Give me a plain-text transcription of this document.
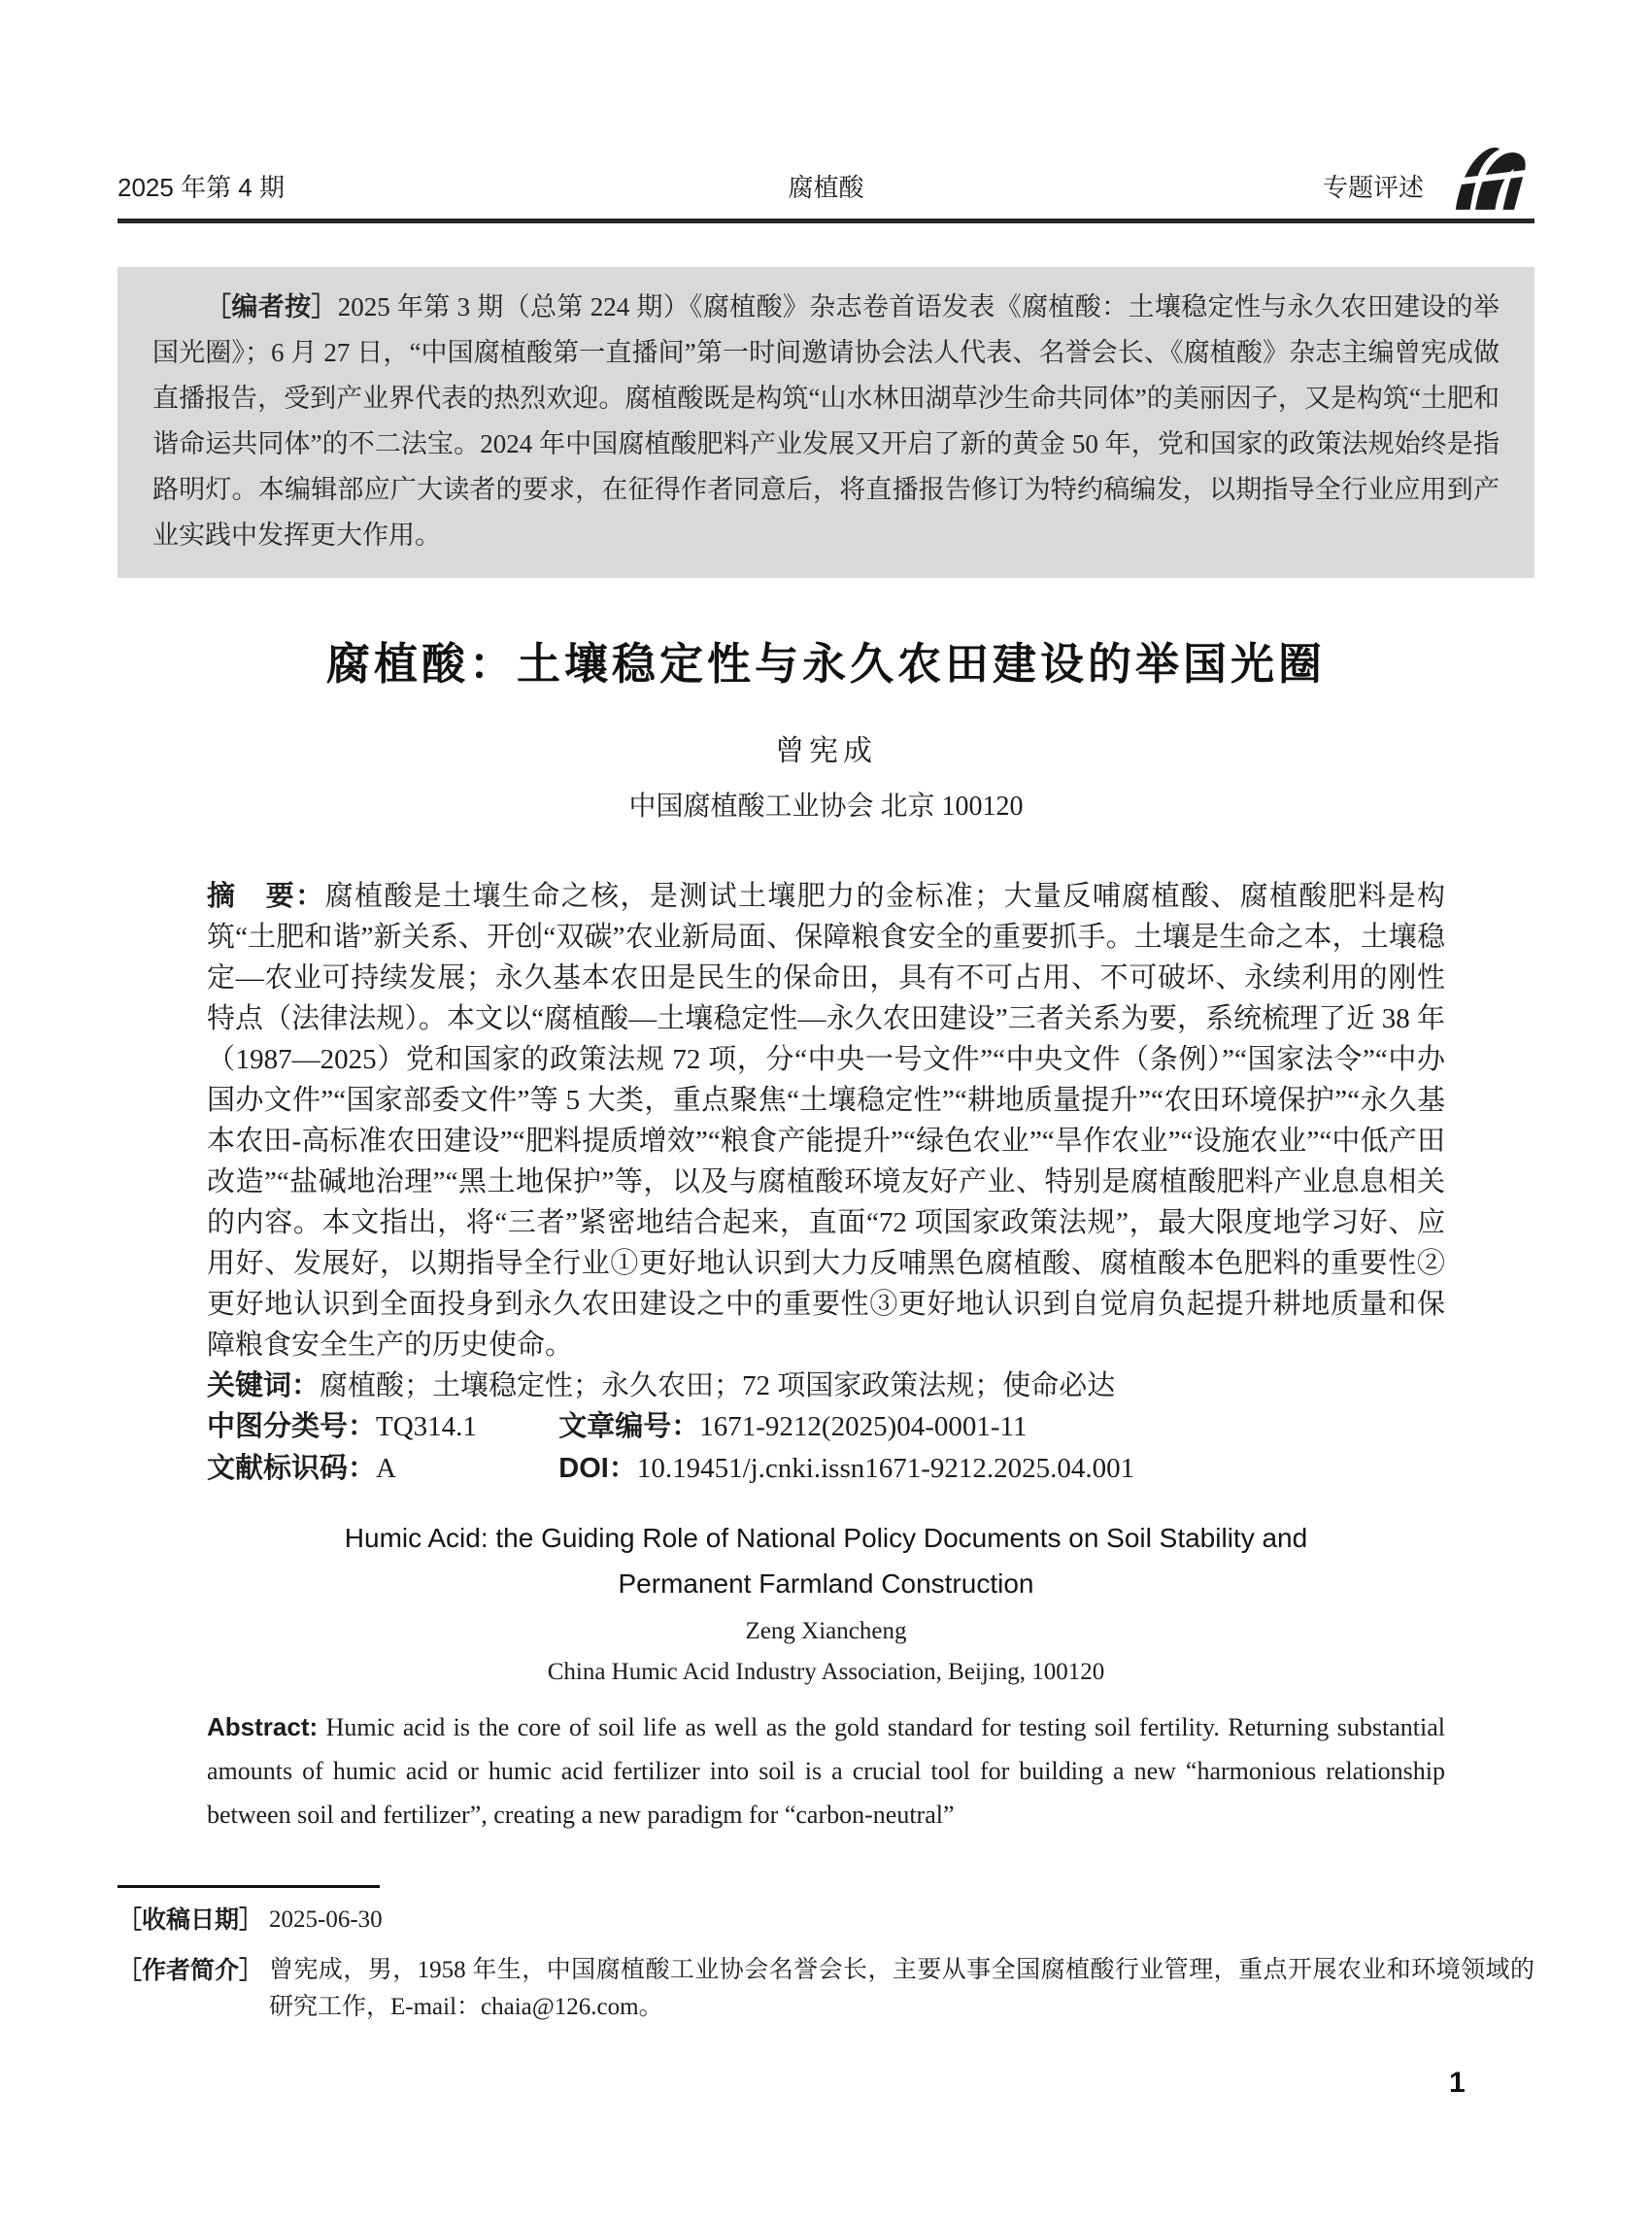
2025 年第 4 期	腐植酸	专题评述

［编者按］2025 年第 3 期（总第 224 期）《腐植酸》杂志卷首语发表《腐植酸：土壤稳定性与永久农田建设的举国光圈》；6 月 27 日，“中国腐植酸第一直播间”第一时间邀请协会法人代表、名誉会长、《腐植酸》杂志主编曾宪成做直播报告，受到产业界代表的热烈欢迎。腐植酸既是构筑“山水林田湖草沙生命共同体”的美丽因子，又是构筑“土肥和谐命运共同体”的不二法宝。2024 年中国腐植酸肥料产业发展又开启了新的黄金 50 年，党和国家的政策法规始终是指路明灯。本编辑部应广大读者的要求，在征得作者同意后，将直播报告修订为特约稿编发，以期指导全行业应用到产业实践中发挥更大作用。

腐植酸：土壤稳定性与永久农田建设的举国光圈
曾宪成
中国腐植酸工业协会 北京 100120

摘　要：腐植酸是土壤生命之核，是测试土壤肥力的金标准；大量反哺腐植酸、腐植酸肥料是构筑“土肥和谐”新关系、开创“双碳”农业新局面、保障粮食安全的重要抓手。土壤是生命之本，土壤稳定—农业可持续发展；永久基本农田是民生的保命田，具有不可占用、不可破坏、永续利用的刚性特点（法律法规）。本文以“腐植酸—土壤稳定性—永久农田建设”三者关系为要，系统梳理了近 38 年（1987—2025）党和国家的政策法规 72 项，分“中央一号文件”“中央文件（条例）”“国家法令”“中办国办文件”“国家部委文件”等 5 大类，重点聚焦“土壤稳定性”“耕地质量提升”“农田环境保护”“永久基本农田-高标准农田建设”“肥料提质增效”“粮食产能提升”“绿色农业”“旱作农业”“设施农业”“中低产田改造”“盐碱地治理”“黑土地保护”等，以及与腐植酸环境友好产业、特别是腐植酸肥料产业息息相关的内容。本文指出，将“三者”紧密地结合起来，直面“72 项国家政策法规”，最大限度地学习好、应用好、发展好，以期指导全行业①更好地认识到大力反哺黑色腐植酸、腐植酸本色肥料的重要性②更好地认识到全面投身到永久农田建设之中的重要性③更好地认识到自觉肩负起提升耕地质量和保障粮食安全生产的历史使命。

关键词：腐植酸；土壤稳定性；永久农田；72 项国家政策法规；使命必达

中图分类号：TQ314.1	文章编号：1671-9212(2025)04-0001-11

文献标识码：A	DOI：10.19451/j.cnki.issn1671-9212.2025.04.001

Humic Acid: the Guiding Role of National Policy Documents on Soil Stability and Permanent Farmland Construction
Zeng Xiancheng
China Humic Acid Industry Association, Beijing, 100120

Abstract: Humic acid is the core of soil life as well as the gold standard for testing soil fertility. Returning substantial amounts of humic acid or humic acid fertilizer into soil is a crucial tool for building a new “harmonious relationship between soil and fertilizer”, creating a new paradigm for “carbon-neutral”

［收稿日期］ 2025-06-30
［作者简介］ 曾宪成，男，1958 年生，中国腐植酸工业协会名誉会长，主要从事全国腐植酸行业管理，重点开展农业和环境领域的研究工作，E-mail：chaia@126.com。
1
